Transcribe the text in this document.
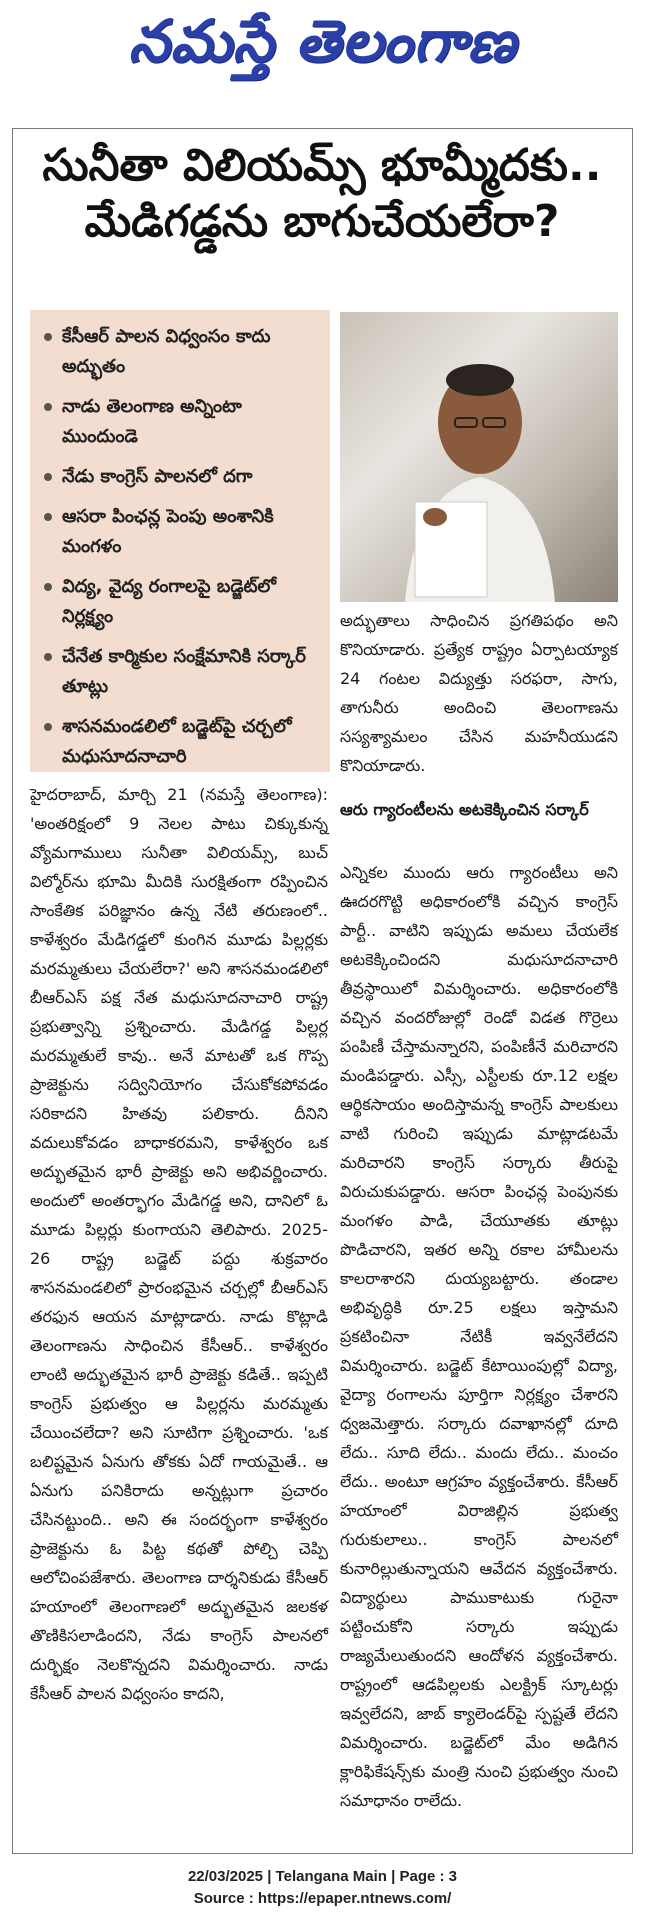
నమస్తే తెలంగాణ
సునీతా విలియమ్స్ భూమ్మీదకు..
మేడిగడ్డను బాగుచేయలేరా?
కేసీఆర్ పాలన విధ్వంసం కాదు అద్భుతం
నాడు తెలంగాణ అన్నింటా ముందుండె
నేడు కాంగ్రెస్ పాలనలో దగా
ఆసరా పింఛన్ల పెంపు అంశానికి మంగళం
విద్య, వైద్య రంగాలపై బడ్జెట్‌లో నిర్లక్ష్యం
చేనేత కార్మికుల సంక్షేమానికి సర్కార్ తూట్లు
శాసనమండలిలో బడ్జెట్‌పై చర్చలో మధుసూదనాచారి
అద్భుతాలు సాధించిన ప్రగతిపథం అని కొనియాడారు. ప్రత్యేక రాష్ట్రం ఏర్పాటయ్యాక 24 గంటల విద్యుత్తు సరఫరా, సాగు, తాగునీరు అందించి తెలంగాణను సస్యశ్యామలం చేసిన మహనీయుడని కొనియాడారు.
ఆరు గ్యారంటీలను అటకెక్కించిన సర్కార్
హైదరాబాద్, మార్చి 21 (నమస్తే తెలంగాణ): 'అంతరిక్షంలో 9 నెలల పాటు చిక్కుకున్న వ్యోమగాములు సునీతా విలియమ్స్, బుచ్ విల్మోర్‌ను భూమి మీదికి సురక్షితంగా రప్పించిన సాంకేతిక పరిజ్ఞానం ఉన్న నేటి తరుణంలో.. కాళేశ్వరం మేడిగడ్డలో కుంగిన మూడు పిల్లర్లకు మరమ్మతులు చేయలేరా?' అని శాసనమండలిలో బీఆర్‌ఎస్ పక్ష నేత మధుసూదనాచారి రాష్ట్ర ప్రభుత్వాన్ని ప్రశ్నించారు. మేడిగడ్డ పిల్లర్ల మరమ్మతులే కావు.. అనే మాటతో ఒక గొప్ప ప్రాజెక్టును సద్వినియోగం చేసుకోకపోవడం సరికాదని హితవు పలికారు. దీనిని వదులుకోవడం బాధాకరమని, కాళేశ్వరం ఒక అద్భుతమైన భారీ ప్రాజెక్టు అని అభివర్ణించారు. అందులో అంతర్భాగం మేడిగడ్డ అని, దానిలో ఓ మూడు పిల్లర్లు కుంగాయని తెలిపారు. 2025-26 రాష్ట్ర బడ్జెట్ పద్దు శుక్రవారం శాసనమండలిలో ప్రారంభమైన చర్చల్లో బీఆర్‌ఎస్ తరఫున ఆయన మాట్లాడారు. నాడు కొట్లాడి తెలంగాణను సాధించిన కేసీఆర్.. కాళేశ్వరం లాంటి అద్భుతమైన భారీ ప్రాజెక్టు కడితే.. ఇప్పటి కాంగ్రెస్ ప్రభుత్వం ఆ పిల్లర్లను మరమ్మతు చేయించలేదా? అని సూటిగా ప్రశ్నించారు. 'ఒక బలిష్టమైన ఏనుగు తోకకు ఏదో గాయమైతే.. ఆ ఏనుగు పనికిరాదు అన్నట్లుగా ప్రచారం చేసినట్టుంది.. అని ఈ సందర్భంగా కాళేశ్వరం ప్రాజెక్టును ఓ పిట్ట కథతో పోల్చి చెప్పి ఆలోచింపజేశారు. తెలంగాణ దార్శనికుడు కేసీఆర్ హయాంలో తెలంగాణలో అద్భుతమైన జలకళ తొణికిసలాడిందని, నేడు కాంగ్రెస్ పాలనలో దుర్భిక్షం నెలకొన్నదని విమర్శించారు. నాడు కేసీఆర్ పాలన విధ్వంసం కాదని,
ఎన్నికల ముందు ఆరు గ్యారంటీలు అని ఊదరగొట్టి అధికారంలోకి వచ్చిన కాంగ్రెస్ పార్టీ.. వాటిని ఇప్పుడు అమలు చేయలేక అటకెక్కించిందని మధుసూదనాచారి తీవ్రస్థాయిలో విమర్శించారు. అధికారంలోకి వచ్చిన వందరోజుల్లో రెండో విడత గొర్రెలు పంపిణీ చేస్తామన్నారని, పంపిణీనే మరిచారని మండిపడ్డారు. ఎస్సీ, ఎస్టీలకు రూ.12 లక్షల ఆర్థికసాయం అందిస్తామన్న కాంగ్రెస్ పాలకులు వాటి గురించి ఇప్పుడు మాట్లాడటమే మరిచారని కాంగ్రెస్ సర్కారు తీరుపై విరుచుకుపడ్డారు. ఆసరా పింఛన్ల పెంపునకు మంగళం పాడి, చేయూతకు తూట్లు పొడిచారని, ఇతర అన్ని రకాల హామీలను కాలరాశారని దుయ్యబట్టారు. తండాల అభివృద్ధికి రూ.25 లక్షలు ఇస్తామని ప్రకటించినా నేటికీ ఇవ్వనేలేదని విమర్శించారు. బడ్జెట్ కేటాయింపుల్లో విద్యా, వైద్యా రంగాలను పూర్తిగా నిర్లక్ష్యం చేశారని ధ్వజమెత్తారు. సర్కారు దవాఖానల్లో దూది లేదు.. సూది లేదు.. మందు లేదు.. మంచం లేదు.. అంటూ ఆగ్రహం వ్యక్తంచేశారు. కేసీఆర్ హయాంలో విరాజిల్లిన ప్రభుత్వ గురుకులాలు.. కాంగ్రెస్ పాలనలో కునారిల్లుతున్నాయని ఆవేదన వ్యక్తంచేశారు. విద్యార్థులు పాముకాటుకు గురైనా పట్టించుకోని సర్కారు ఇప్పుడు రాజ్యమేలుతుందని ఆందోళన వ్యక్తంచేశారు. రాష్ట్రంలో ఆడపిల్లలకు ఎలక్ట్రిక్ స్కూటర్లు ఇవ్వలేదని, జాబ్ క్యాలెండర్‌పై స్పష్టతే లేదని విమర్శించారు. బడ్జెట్‌లో మేం అడిగిన క్లారిఫికేషన్స్‌కు మంత్రి నుంచి ప్రభుత్వం నుంచి సమాధానం రాలేదు.
22/03/2025 | Telangana Main | Page : 3
Source : https://epaper.ntnews.com/
